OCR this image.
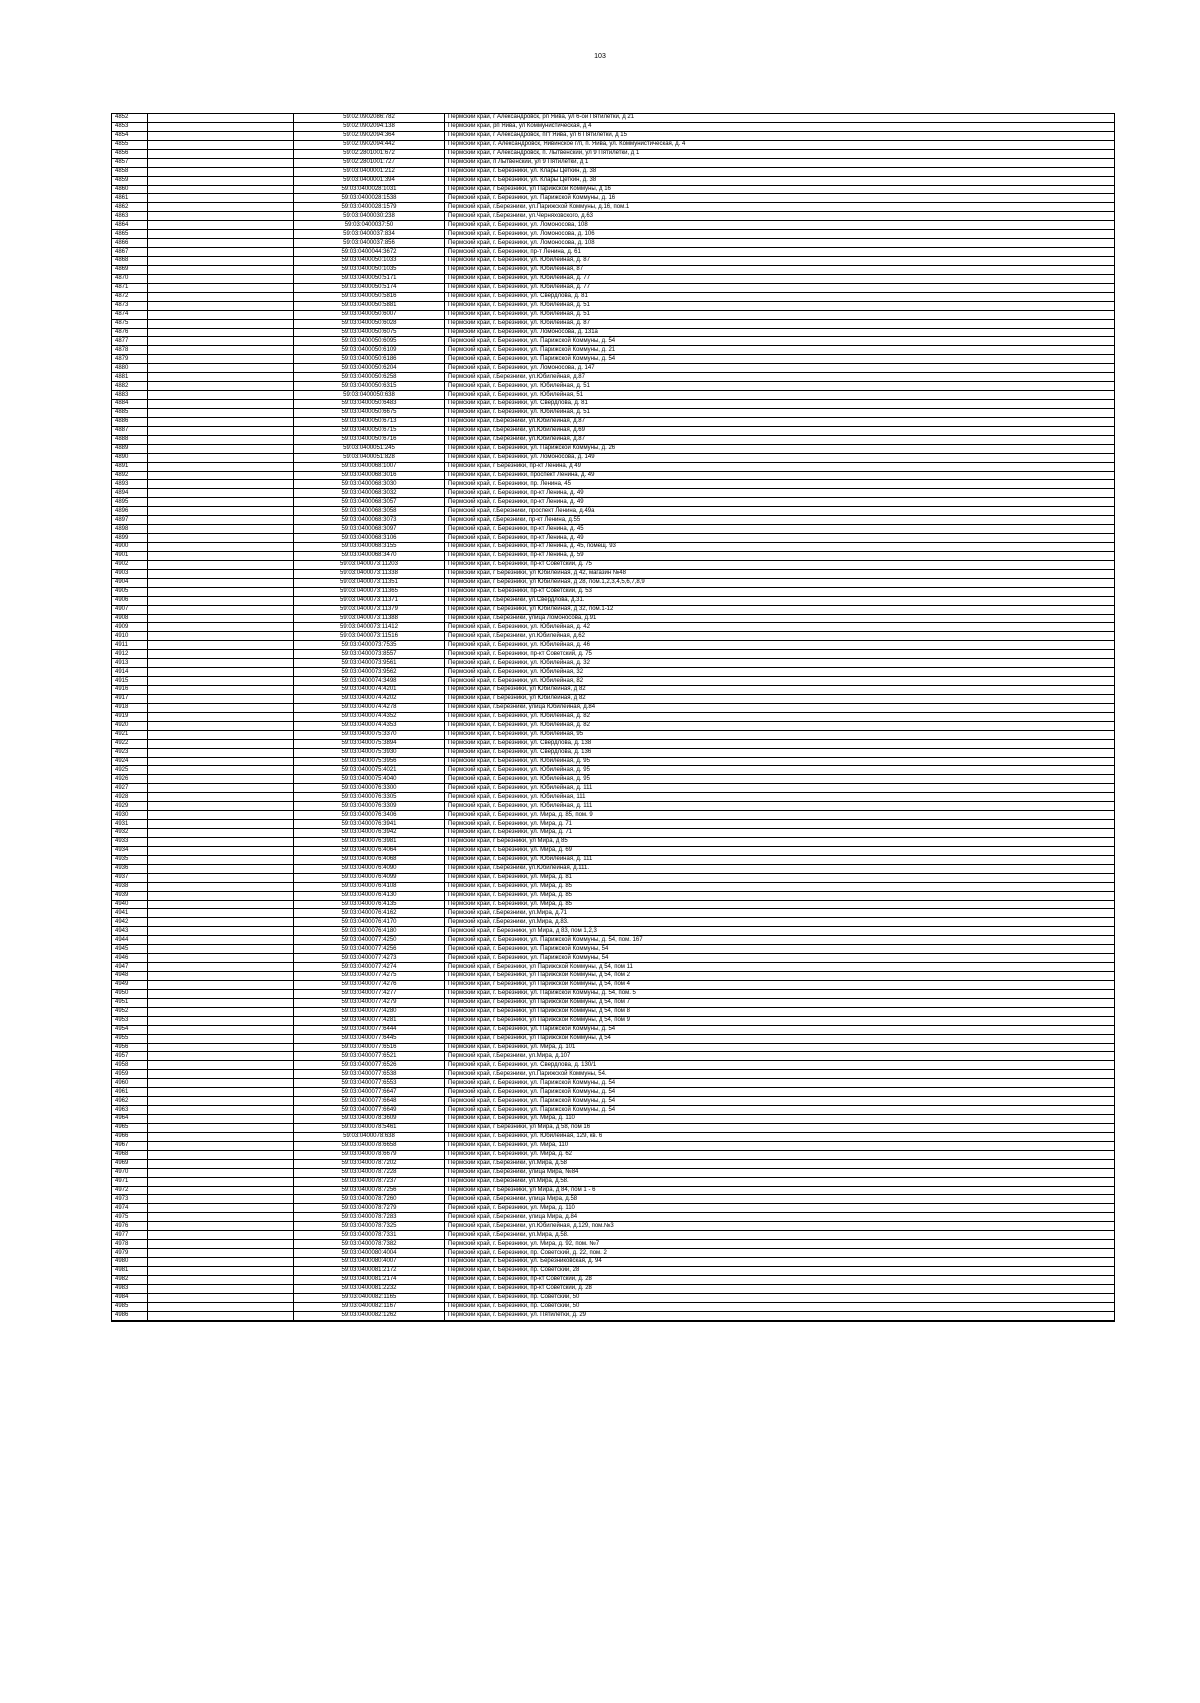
103
4852		59:02:0902086:782	Пермский край, г Александровск, рп Яйва, ул 6-ой Пятилетки, д 21
4853		59:02:0902094:138	Пермский край, рп Яйва, ул Коммунистическая, д 4
4854		59:02:0902094:364	Пермский край, г Александровск, пгт Яйва, ул 6 Пятилетки, д 15
4855		59:02:0902094:442	Пермский край, г. Александровск, Яйвинское г/п, п. Яйва, ул. Коммунистическая, д. 4
4856		59:02:2801001:672	Пермский край, г Александровск, п. Лытвенский, ул 9 Пятилетки, д 1
4857		59:02:2801001:727	Пермский край, п Лытвенский, ул 9 Пятилетки, д 1
4858		59:03:0400001:212	Пермский край, г. Березники, ул. Клары Цеткин, д. 38
4859		59:03:0400001:394	Пермский край, г. Березники, ул. Клары Цеткин, д. 38
4860		59:03:0400028:1031	Пермский край, г Березники, ул Парижской Коммуны, д 16
4861		59:03:0400028:1538	Пермский край, г. Березники, ул. Парижской Коммуны, д. 16
4862		59:03:0400028:1579	Пермский край, г.Березники, ул.Парижской Коммуны, д.16, пом.1
4863		59:03:0400030:238	Пермский край, г.Березники, ул.Черняховского, д.63
4864		59:03:0400037:50	Пермский край, г. Березники, ул. Ломоносова, 108
4865		59:03:0400037:834	Пермский край, г. Березники, ул. Ломоносова, д. 106
4866		59:03:0400037:856	Пермский край, г. Березники, ул. Ломоносова, д. 108
4867		59:03:0400044:3672	Пермский край, г. Березники, пр-т Ленина, д. 61
4868		59:03:0400050:1033	Пермский край, г. Березники, ул. Юбилейная, д. 87
4869		59:03:0400050:1035	Пермский край, г. Березники, ул. Юбилейная, 87
4870		59:03:0400050:5171	Пермский край, г. Березники, ул. Юбилейная, д. 77
4871		59:03:0400050:5174	Пермский край, г. Березники, ул. Юбилейная, д. 77
4872		59:03:0400050:5816	Пермский край, г. Березники, ул. Свердлова, д. 81
4873		59:03:0400050:5881	Пермский край, г. Березники, ул. Юбилейная, д. 51
4874		59:03:0400050:6007	Пермский край, г. Березники, ул. Юбилейная, д. 51
4875		59:03:0400050:6028	Пермский край, г. Березники, ул. Юбилейная, д. 87
4876		59:03:0400050:6075	Пермский край, г. Березники, ул. Ломоносова, д. 131а
4877		59:03:0400050:6095	Пермский край, г. Березники, ул. Парижской Коммуны, д. 54
4878		59:03:0400050:6109	Пермский край, г. Березники, ул. Парижской Коммуны, д. 21
4879		59:03:0400050:6186	Пермский край, г. Березники, ул. Парижской Коммуны, д. 54
4880		59:03:0400050:6204	Пермский край, г. Березники, ул. Ломоносова, д. 147
4881		59:03:0400050:6258	Пермский край, г.Березники, ул.Юбилейная, д.87
4882		59:03:0400050:6315	Пермский край, г. Березники, ул. Юбилейная, д. 51
4883		59:03:0400050:638	Пермский край, г. Березники, ул. Юбилейная, 51
4884		59:03:0400050:6483	Пермский край, г. Березники, ул. Свердлова, д. 81
4885		59:03:0400050:6675	Пермский край, г. Березники, ул. Юбилейная, д. 51
4886		59:03:0400050:6713	Пермский край, г.Березники, ул.Юбилейная, д.87
4887		59:03:0400050:6715	Пермский край, г.Березники, ул.Юбилейная, д.69
4888		59:03:0400050:6716	Пермский край, г.Березники, ул.Юбилейная, д.87
4889		59:03:0400051:245	Пермский край, г. Березники, ул. Парижской Коммуны, д. 26
4890		59:03:0400051:828	Пермский край, г. Березники, ул. Ломоносова, д. 149
4891		59:03:0400068:1007	Пермский край, г Березники, пр-кт Ленина, д 49
4892		59:03:0400068:3016	Пермский край, г. Березники, проспект Ленина, д. 49
4893		59:03:0400068:3030	Пермский край, г. Березники, пр. Ленина, 45
4894		59:03:0400068:3032	Пермский край, г. Березники, пр-кт Ленина, д. 49
4895		59:03:0400068:3057	Пермский край, г. Березники, пр-кт Ленина, д. 49
4896		59:03:0400068:3058	Пермский край, г.Березники, проспект Ленина, д.49а
4897		59:03:0400068:3073	Пермский край, г.Березники, пр-кт Ленина, д.55
4898		59:03:0400068:3097	Пермский край, г. Березники, пр-кт Ленина, д. 45
4899		59:03:0400068:3106	Пермский край, г. Березники, пр-кт Ленина, д. 49
4900		59:03:0400068:3155	Пермский край, г. Березники, пр-кт Ленина, д. 45, помещ. 93
4901		59:03:0400068:3470	Пермский край, г. Березники, пр-кт Ленина, д. 59
4902		59:03:0400073:11203	Пермский край, г. Березники, пр-кт Советский, д. 75
4903		59:03:0400073:11338	Пермский край, г Березники, ул Юбилейная, д 42, магазин №48
4904		59:03:0400073:11351	Пермский край, г Березники, ул Юбилейная, д 28, пом.1,2,3,4,5,6,7,8,9
4905		59:03:0400073:11365	Пермский край, г. Березники, пр-кт Советский, д. 53
4906		59:03:0400073:11371	Пермский край, г.Березники, ул.Свердлова, д.31.
4907		59:03:0400073:11379	Пермский край, г Березники, ул Юбилейная, д 32, пом.1-12
4908		59:03:0400073:11388	Пермский край, г.Березники, улица Ломоносова, д.91
4909		59:03:0400073:11412	Пермский край, г. Березники, ул. Юбилейная, д. 42
4910		59:03:0400073:11516	Пермский край, г.Березники, ул.Юбилейная, д.62
4911		59:03:0400073:7535	Пермский край, г. Березники, ул. Юбилейная, д. 46
4912		59:03:0400073:8557	Пермский край, г. Березники, пр-кт Советский, д. 75
4913		59:03:0400073:9561	Пермский край, г. Березники, ул. Юбилейная, д. 32
4914		59:03:0400073:9562	Пермский край, г. Березники, ул. Юбилейная, 32
4915		59:03:0400074:3498	Пермский край, г. Березники, ул. Юбилейная, 82
4916		59:03:0400074:4201	Пермский край, г Березники, ул Юбилейная, д 82
4917		59:03:0400074:4202	Пермский край, г Березники, ул Юбилейная, д 82
4918		59:03:0400074:4278	Пермский край, г.Березники, улица Юбилейная, д.84
4919		59:03:0400074:4352	Пермский край, г. Березники, ул. Юбилейная, д. 82
4920		59:03:0400074:4353	Пермский край, г. Березники, ул. Юбилейная, д. 82
4921		59:03:0400075:3370	Пермский край, г. Березники, ул. Юбилейная, 95
4922		59:03:0400075:3894	Пермский край, г. Березники, ул. Свердлова, д. 138
4923		59:03:0400075:3930	Пермский край, г. Березники, ул. Свердлова, д. 136
4924		59:03:0400075:3956	Пермский край, г. Березники, ул. Юбилейная, д. 95
4925		59:03:0400075:4021	Пермский край, г. Березники, ул. Юбилейная, д. 95
4926		59:03:0400075:4040	Пермский край, г. Березники, ул. Юбилейная, д. 95
4927		59:03:0400076:3300	Пермский край, г. Березники, ул. Юбилейная, д. 111
4928		59:03:0400076:3305	Пермский край, г. Березники, ул. Юбилейная, 111
4929		59:03:0400076:3309	Пермский край, г. Березники, ул. Юбилейная, д. 111
4930		59:03:0400076:3406	Пермский край, г. Березники, ул. Мира, д. 85, пом. 9
4931		59:03:0400076:3941	Пермский край, г. Березники, ул. Мира, д. 71
4932		59:03:0400076:3942	Пермский край, г. Березники, ул. Мира, д. 71
4933		59:03:0400076:3981	Пермский край, г Березники, ул Мира, д 85
4934		59:03:0400076:4064	Пермский край, г. Березники, ул. Мира, д. 69
4935		59:03:0400076:4068	Пермский край, г. Березники, ул. Юбилейная, д. 111
4936		59:03:0400076:4090	Пермский край, г.Березники, ул.Юбилейная, д.111.
4937		59:03:0400076:4099	Пермский край, г. Березники, ул. Мира, д. 81
4938		59:03:0400076:4108	Пермский край, г. Березники, ул. Мира, д. 85
4939		59:03:0400076:4130	Пермский край, г. Березники, ул. Мира, д. 85
4940		59:03:0400076:4135	Пермский край, г. Березники, ул. Мира, д. 85
4941		59:03:0400076:4162	Пермский край, г.Березники, ул.Мира, д.71
4942		59:03:0400076:4170	Пермский край, г.Березники, ул.Мира, д.83.
4943		59:03:0400076:4180	Пермский край, г Березники, ул Мира, д 83, пом 1,2,3
4944		59:03:0400077:4250	Пермский край, г. Березники, ул. Парижской Коммуны, д. 54, пом. 167
4945		59:03:0400077:4256	Пермский край, г. Березники, ул. Парижской Коммуны, 54
4946		59:03:0400077:4273	Пермский край, г. Березники, ул. Парижской Коммуны, 54
4947		59:03:0400077:4274	Пермский край, г Березники, ул Парижской Коммуны, д 54, пом 11
4948		59:03:0400077:4275	Пермский край, г Березники, ул Парижской Коммуны, д 54, пом 2
4949		59:03:0400077:4276	Пермский край, г Березники, ул Парижской Коммуны, д 54, пом 4
4950		59:03:0400077:4277	Пермский край, г. Березники, ул. Парижской Коммуны, д. 54, пом. 5
4951		59:03:0400077:4279	Пермский край, г Березники, ул Парижской Коммуны, д 54, пом 7
4952		59:03:0400077:4280	Пермский край, г Березники, ул Парижской Коммуны, д 54, пом 8
4953		59:03:0400077:4281	Пермский край, г Березники, ул Парижской Коммуны, д 54, пом 9
4954		59:03:0400077:6444	Пермский край, г. Березники, ул. Парижской Коммуны, д. 54
4955		59:03:0400077:6445	Пермский край, г Березники, ул Парижской Коммуны, д 54
4956		59:03:0400077:6516	Пермский край, г. Березники, ул. Мира, д. 101
4957		59:03:0400077:6521	Пермский край, г.Березники, ул.Мира, д.107
4958		59:03:0400077:6526	Пермский край, г. Березники, ул. Свердлова, д. 130/1
4959		59:03:0400077:6538	Пермский край, г.Березники, ул.Парижской Коммуны, 54.
4960		59:03:0400077:6553	Пермский край, г. Березники, ул. Парижской Коммуны, д. 54
4961		59:03:0400077:6647	Пермский край, г. Березники, ул. Парижской Коммуны, д. 54
4962		59:03:0400077:6648	Пермский край, г. Березники, ул. Парижской Коммуны, д. 54
4963		59:03:0400077:6649	Пермский край, г. Березники, ул. Парижской Коммуны, д. 54
4964		59:03:0400078:3609	Пермский край, г. Березники, ул. Мира, д. 110
4965		59:03:0400078:5461	Пермский край, г Березники, ул Мира, д 58, пом 16
4966		59:03:0400078:638	Пермский край, г. Березники, ул. Юбилейная, 129, кв. 6
4967		59:03:0400078:6658	Пермский край, г. Березники, ул. Мира, 110
4968		59:03:0400078:6679	Пермский край, г. Березники, ул. Мира, д. 62
4969		59:03:0400078:7202	Пермский край, г.Березники, ул.Мира, д.58
4970		59:03:0400078:7228	Пермский край, г.Березники, улица Мира, №84
4971		59:03:0400078:7237	Пермский край, г.Березники, ул.Мира, д.58.
4972		59:03:0400078:7256	Пермский край, г Березники, ул Мира, д 84, пом 1 - 6
4973		59:03:0400078:7260	Пермский край, г.Березники, улица Мира, д.58
4974		59:03:0400078:7279	Пермский край, г. Березники, ул. Мира, д. 110
4975		59:03:0400078:7283	Пермский край, г.Березники, улица Мира, д.84
4976		59:03:0400078:7325	Пермский край, г.Березники, ул.Юбилейная, д.129, пом.№3
4977		59:03:0400078:7331	Пермский край, г.Березники, ул.Мира, д.58.
4978		59:03:0400078:7382	Пермский край, г. Березники, ул. Мира, д. 92, пом. №7
4979		59:03:0400080:4004	Пермский край, г. Березники, пр. Советский, д. 22, пом. 2
4980		59:03:0400080:4007	Пермский край, г. Березники, ул. Березниковская, д. 94
4981		59:03:0400081:2172	Пермский край, г. Березники, пр. Советский, 28
4982		59:03:0400081:2174	Пермский край, г. Березники, пр-кт Советский, д. 28
4983		59:03:0400081:2232	Пермский край, г. Березники, пр-кт Советский, д. 28
4984		59:03:0400082:1165	Пермский край, г. Березники, пр. Советский, 50
4985		59:03:0400082:1167	Пермский край, г. Березники, пр. Советский, 50
4986		59:03:0400082:1262	Пермский край, г. Березники, ул. Пятилетки, д. 29
